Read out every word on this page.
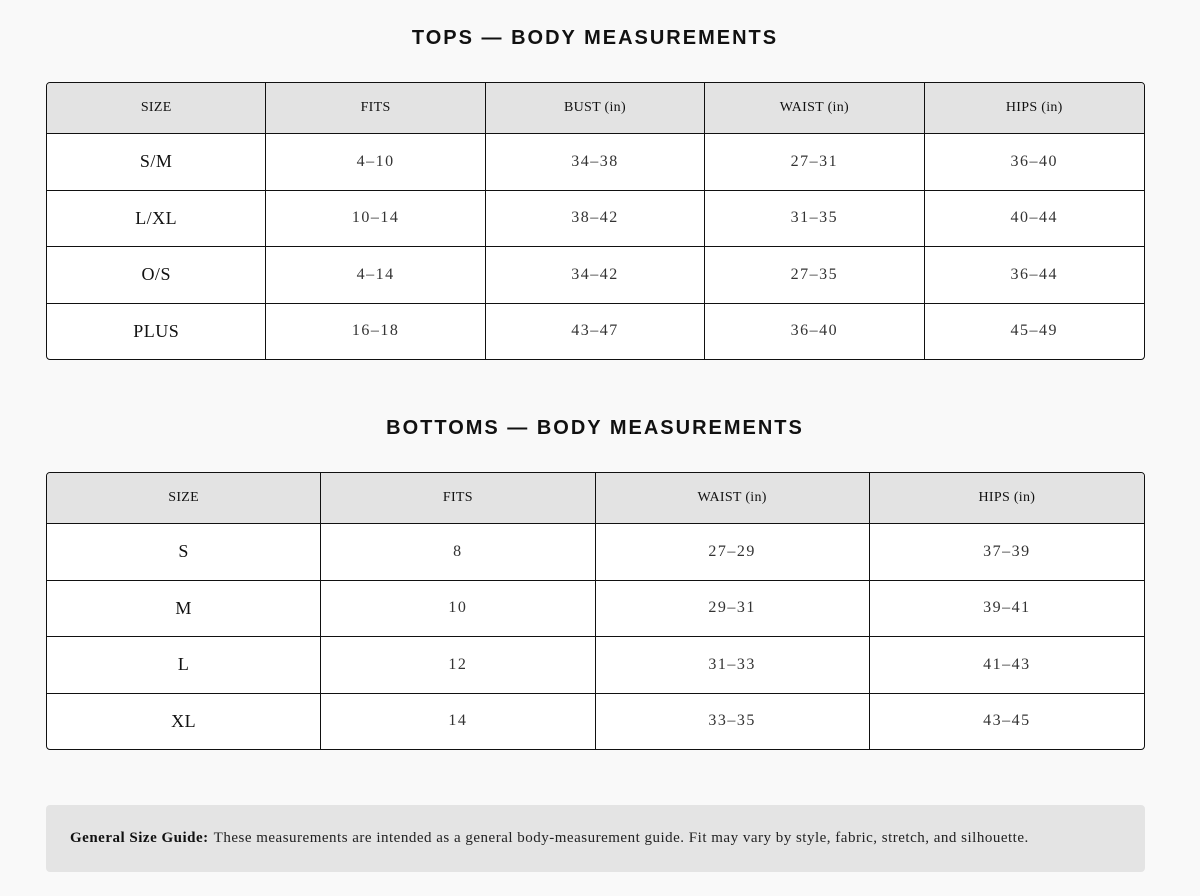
TOPS — BODY MEASUREMENTS
SIZE	FITS	BUST (in)	WAIST (in)	HIPS (in)
S/M	4–10	34–38	27–31	36–40
L/XL	10–14	38–42	31–35	40–44
O/S	4–14	34–42	27–35	36–44
PLUS	16–18	43–47	36–40	45–49
BOTTOMS — BODY MEASUREMENTS
SIZE	FITS	WAIST (in)	HIPS (in)
S	8	27–29	37–39
M	10	29–31	39–41
L	12	31–33	41–43
XL	14	33–35	43–45
General Size Guide: These measurements are intended as a general body-measurement guide. Fit may vary by style, fabric, stretch, and silhouette.
